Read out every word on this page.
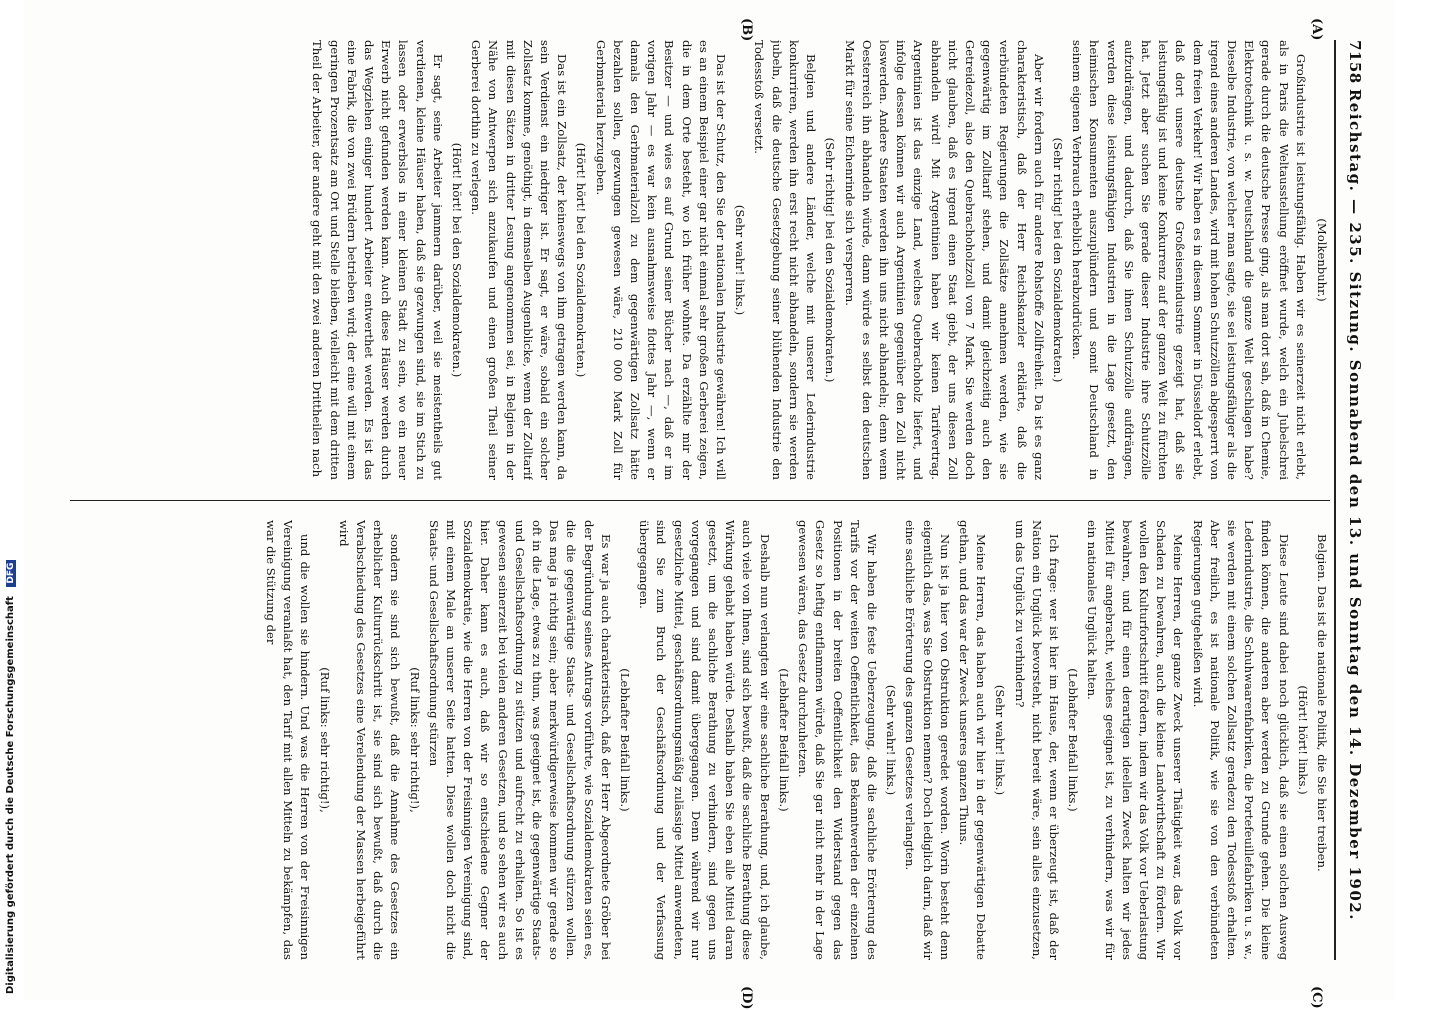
7158
Reichstag. — 235. Sitzung. Sonnabend den 13. und Sonntag den 14. Dezember 1902.
(A)
(B)
(C)
(D)

(Molkenbuhr.)

Großindustrie ist leistungsfähig. Haben wir es seinerzeit nicht erlebt, als in Paris die Weltausstellung eröffnet wurde, welch ein Jubelschrei gerade durch die deutsche Presse ging, als man dort sah, daß in Chemie, Elektrotechnik u. s. w. Deutschland die ganze Welt geschlagen habe? Dieselbe Industrie, von welcher man sagte, sie sei leistungsfähiger als die irgend eines anderen Landes, wird mit hohen Schutzzöllen abgesperrt von dem freien Verkehr! Wir haben es in diesem Sommer in Düsseldorf erlebt, daß dort unsere deutsche Großeisenindustrie gezeigt hat, daß sie leistungsfähig ist und keine Konkurrenz auf der ganzen Welt zu fürchten hat. Jetzt aber suchen Sie gerade dieser Industrie ihre Schutzzölle aufzudrängen, und dadurch, daß Sie ihnen Schutzzölle aufdrängen, werden diese leistungsfähigen Industrien in die Lage gesetzt, den heimischen Konsumenten auszuplündern und somit Deutschland in seinem eigenen Verbrauch erheblich herabzudrücken.

(Sehr richtig! bei den Sozialdemokraten.)

Aber wir fordern auch für andere Rohstoffe Zollfreiheit. Da ist es ganz charakteristisch, daß der Herr Reichskanzler erklärte, daß die verbündeten Regierungen die Zollsätze annehmen werden, wie sie gegenwärtig im Zolltarif stehen, und damit gleichzeitig auch den Getreidezoll, also den Quebrachoholzzoll von 7 Mark. Sie werden doch nicht glauben, daß es irgend einen Staat giebt, der uns diesen Zoll abhandeln wird! Mit Argentinien haben wir keinen Tarifvertrag. Argentinien ist das einzige Land, welches Quebrachoholz liefert, und infolge dessen können wir auch Argentinien gegenüber den Zoll nicht loswerden. Andere Staaten werden ihn uns nicht abhandeln; denn wenn Oesterreich ihn abhandeln würde, dann würde es selbst den deutschen Markt für seine Eichenrinde sich versperren.

(Sehr richtig! bei den Sozialdemokraten.)

Belgien und andere Länder, welche mit unserer Lederindustrie konkurriren, werden ihn erst recht nicht abhandeln, sondern sie werden jubeln, daß die deutsche Gesetzgebung seiner blühenden Industrie den Todesstoß versetzt.

(Sehr wahr! links.)

Das ist der Schutz, den Sie der nationalen Industrie gewähren! Ich will es an einem Beispiel einer gar nicht einmal sehr großen Gerberei zeigen, die in dem Orte besteht, wo ich früher wohnte. Da erzählte mir der Besitzer — und wies es auf Grund seiner Bücher nach —, daß er im vorigen Jahr — es war kein ausnahmsweise flottes Jahr —, wenn er damals den Gerbmaterialzoll zu dem gegenwärtigen Zollsatz hätte bezahlen sollen, gezwungen gewesen wäre, 210 000 Mark Zoll für Gerbmaterial herzugeben.

(Hört! hört! bei den Sozialdemokraten.)

Das ist ein Zollsatz, der keineswegs von ihm getragen werden kann, da sein Verdienst ein niedriger ist. Er sagt, er wäre, sobald ein solcher Zollsatz komme, genöthigt, in demselben Augenblicke, wenn der Zolltarif mit diesen Sätzen in dritter Lesung angenommen sei, in Belgien in der Nähe von Antwerpen sich anzukaufen und einen großen Theil seiner Gerberei dorthin zu verlegen.

(Hört! hört! bei den Sozialdemokraten.)

Er sagt, seine Arbeiter jammern darüber, weil sie meistentheils gut verdienen, kleine Häuser haben, daß sie gezwungen sind, sie im Stich zu lassen oder erwerbslos in einer kleinen Stadt zu sein, wo ein neuer Erwerb nicht gefunden werden kann. Auch diese Häuser werden durch das Wegziehen einiger hundert Arbeiter entwerthet werden. Es ist das eine Fabrik, die von zwei Brüdern betrieben wird; der eine will mit einem geringen Prozentsatz am Ort und Stelle bleiben, vielleicht mit dem dritten Theil der Arbeiter, der andere geht mit den zwei anderen Drittheilen nach

Belgien. Das ist die nationale Politik, die Sie hier treiben.

(Hört! hört! links.)

Diese Leute sind dabei noch glücklich, daß sie einen solchen Ausweg finden können, die anderen aber werden zu Grunde gehen. Die kleine Lederindustrie, die Schuhwaarenfabriken, die Portefeuillefabriken u. s. w., sie werden mit einem solchen Zollsatz geradezu den Todesstoß erhalten. Aber freilich, es ist nationale Politik, wie sie von den verbündeten Regierungen gutgeheißen wird.

Meine Herren, der ganze Zweck unserer Thätigkeit war, das Volk vor Schaden zu bewahren, auch die kleine Landwirthschaft zu fördern. Wir wollen den Kulturfortschritt fördern, indem wir das Volk vor Ueberlastung bewahren, und für einen derartigen ideellen Zweck halten wir jedes Mittel für angebracht, welches geeignet ist, zu verhindern, was wir für ein nationales Unglück halten.

(Lebhafter Beifall links.)

Ich frage: wer ist hier im Hause, der, wenn er überzeugt ist, daß der Nation ein Unglück bevorsteht, nicht bereit wäre, sein alles einzusetzen, um das Unglück zu verhindern?

(Sehr wahr! links.)

Meine Herren, das haben auch wir hier in der gegenwärtigen Debatte gethan, und das war der Zweck unseres ganzen Thuns.

Nun ist ja hier von Obstruktion geredet worden. Worin besteht denn eigentlich das, was Sie Obstruktion nennen? Doch lediglich darin, daß wir eine sachliche Erörterung des ganzen Gesetzes verlangten.

(Sehr wahr! links.)

Wir haben die feste Ueberzeugung, daß die sachliche Erörterung des Tarifs vor der weiten Oeffentlichkeit, das Bekanntwerden der einzelnen Positionen in der breiten Oeffentlichkeit den Widerstand gegen das Gesetz so heftig entflammen würde, daß Sie gar nicht mehr in der Lage gewesen wären, das Gesetz durchzuhetzen.

(Lebhafter Beifall links.)

Deshalb nun verlangten wir eine sachliche Berathung, und, ich glaube, auch viele von Ihnen, sind sich bewußt, daß die sachliche Berathung diese Wirkung gehabt haben würde. Deshalb haben Sie eben alle Mittel daran gesetzt, um die sachliche Berathung zu verhindern, sind gegen uns vorgegangen und sind damit übergegangen. Denn während wir nur gesetzliche Mittel, geschäftsordnungsmäßig zulässige Mittel anwendeten, sind Sie zum Bruch der Geschäftsordnung und der Verfassung übergegangen.

(Lebhafter Beifall links.)

Es war ja auch charakteristisch, daß der Herr Abgeordnete Gröber bei der Begründung seines Antrags vorführte, wie Sozialdemokraten seien es, die die gegenwärtige Staats- und Gesellschaftsordnung stürzen wollen. Das mag ja richtig sein; aber merkwürdigerweise kommen wir gerade so oft in die Lage, etwas zu thun, was geeignet ist, die gegenwärtige Staats- und Gesellschaftsordnung zu stützen und aufrecht zu erhalten. So ist es gewesen seinerzeit bei vielen anderen Gesetzen, und so sehen wir es auch hier. Daher kann es auch, daß wir so entschiedene Gegner der Sozialdemokratie, wie die Herren von der Freisinnigen Vereinigung sind, mit einem Male an unserer Seite hatten. Diese wollen doch nicht die Staats- und Gesellschaftsordnung stürzen

(Ruf links: sehr richtig!),

sondern sie sind sich bewußt, daß die Annahme des Gesetzes ein erheblicher Kulturrückschritt ist, sie sind sich bewußt, daß durch die Verabschiedung des Gesetzes eine Verelendung der Massen herbeigeführt wird

(Ruf links: sehr richtig!),

und die wollen sie hindern. Und was die Herren von der Freisinnigen Vereinigung veranlaßt hat, den Tarif mit allen Mitteln zu bekämpfen, das war die Stützung der

Digitalisierung gefördert durch die Deutsche Forschungsgemeinschaft DFG
